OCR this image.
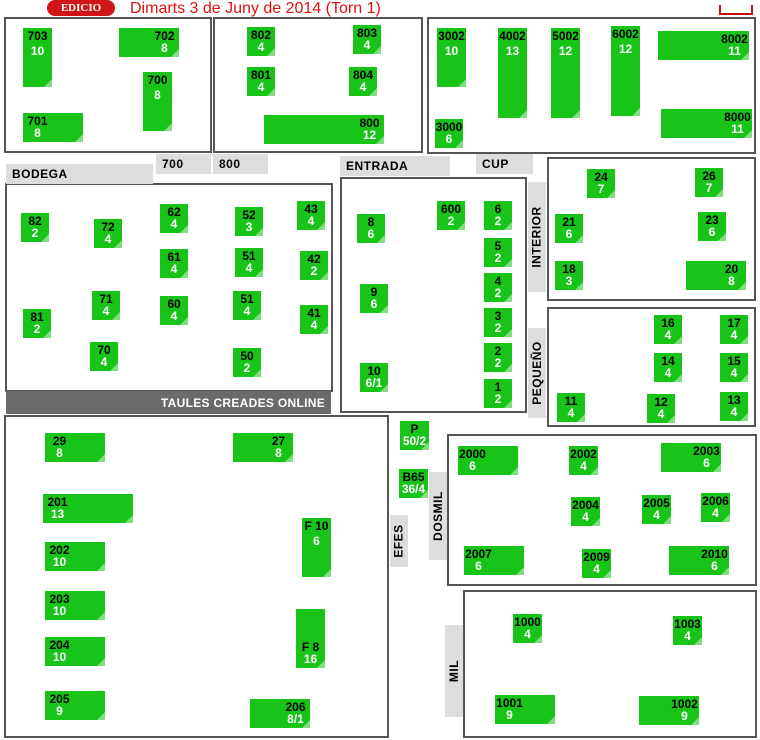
EDICIO	Dimarts 3 de Juny de 2014 (Torn 1)
BODEGA
700	800	ENTRADA	CUP
INTERIOR
PEQUEÑO
EFES
DOSMIL
MIL
TAULES CREADES ONLINE
703
10
702
8
700
8
701
8
802
4
803
4
801
4
804
4
800
12
3002
10
4002
13
5002
12
6002
12
8002
11
3000
6
8000
11
82
2	72
4
62
4
52
3
43
4
61
4
51
4
42
2
81
2
71
4	60
4
51
4	41
4
70
4	50
2
8
6
600
2
6
2
5
2
9
6
4
2
3
2
2
2
10
6/1	1
2
24
7
26
7
21
6
23
6
18
3
20
8
16
4
17
4
14
4
15
4
11
4
12
4
13
4
29
8
27
8
201
13
F 10
6
202
10
203
10
204
10
F 8
16
205
9	206
8/1
P
50/2
B65
36/4
2000
6
2002
4
2003
6
2004
4
2005
4
2006
4
2007
6
2009
4
2010
6
1000
4
1003
4
1001
9
1002
9
